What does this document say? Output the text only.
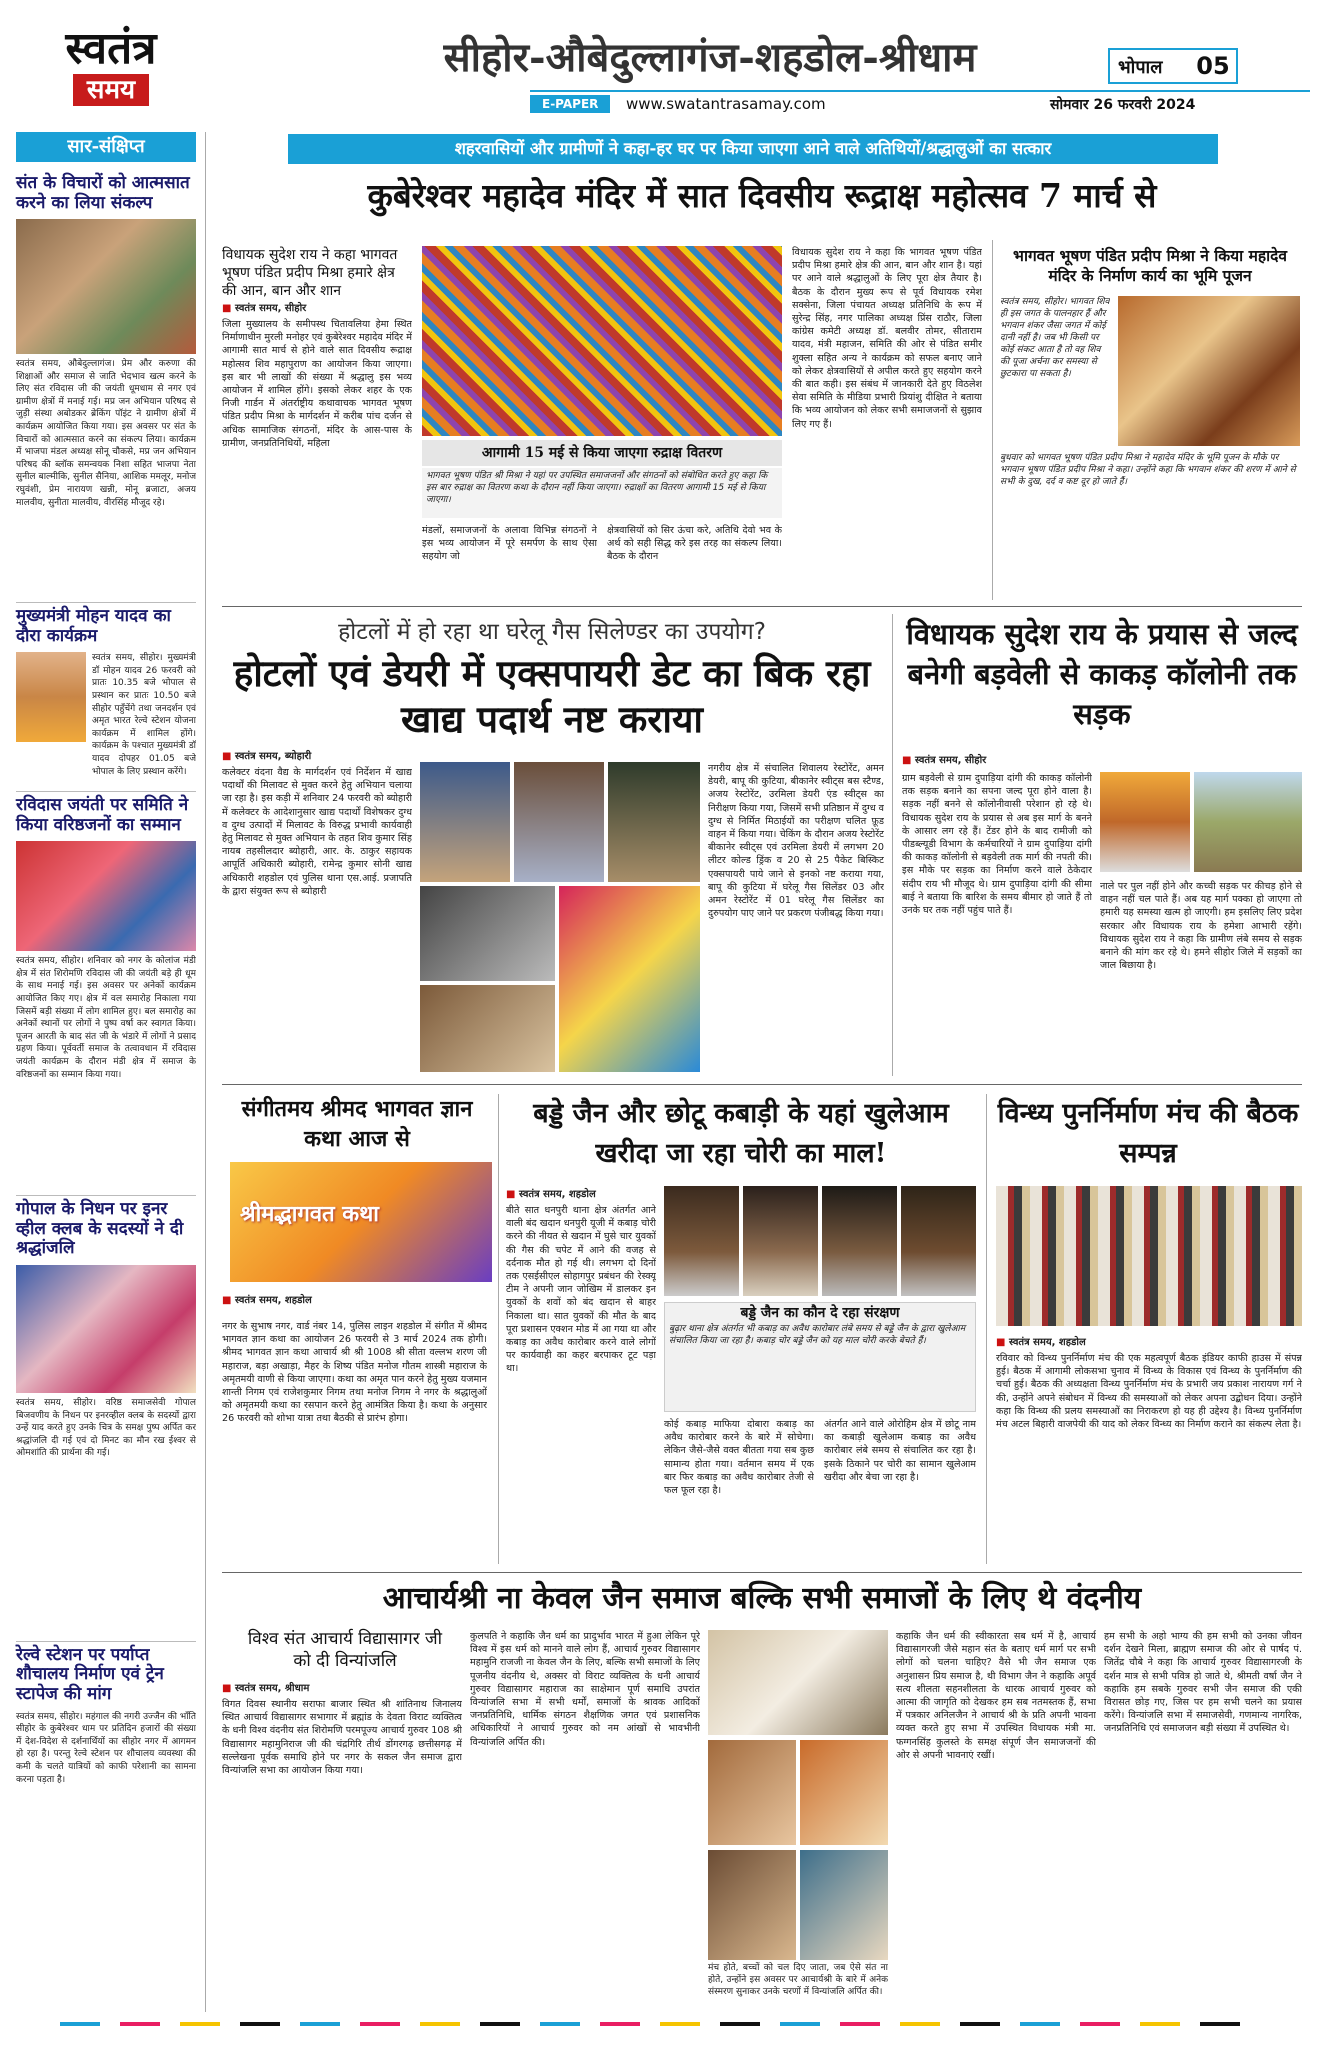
स्वतंत्र
समय
सीहोर-औबेदुल्लागंज-शहडोल-श्रीधाम
E-PAPER	www.swatantrasamay.com	सोमवार 26 फरवरी 2024
भोपाल 05
सार-संक्षिप्त
संत के विचारों को आत्मसात करने का लिया संकल्प
स्वतंत्र समय, औबेदुल्लागंज। प्रेम और करुणा की शिक्षाओं और समाज से जाति भेदभाव खत्म करने के लिए संत रविदास जी की जयंती धूमधाम से नगर एवं ग्रामीण क्षेत्रों में मनाई गई। मप्र जन अभियान परिषद से जुड़ी संस्था अबोडकर ब्रेकिंग पॉइंट ने ग्रामीण क्षेत्रों में कार्यक्रम आयोजित किया गया। इस अवसर पर संत के विचारों को आत्मसात करने का संकल्प लिया। कार्यक्रम में भाजपा मंडल अध्यक्ष सोनू चौकसे, मप्र जन अभियान परिषद की ब्लॉक समन्वयक निशा सहित भाजपा नेता सुनील बाल्मीकि, सुनील सैनिया, आशिक ममलूर, मनोज रघुवंशी, प्रेम नारायण खन्नी, मोनू ब्रजाटा, अजय मालवीय, सुनीता मालवीय, वीरसिंह मौजूद रहे।
मुख्यमंत्री मोहन यादव का दौरा कार्यक्रम
स्वतंत्र समय, सीहोर। मुख्यमंत्री डॉ मोहन यादव 26 फरवरी को प्रातः 10.35 बजे भोपाल से प्रस्थान कर प्रातः 10.50 बजे सीहोर पहुँचेंगे तथा जनदर्शन एवं अमृत भारत रेल्वे स्टेशन योजना कार्यक्रम में शामिल होंगे। कार्यक्रम के पश्चात मुख्यमंत्री डॉ यादव दोपहर 01.05 बजे भोपाल के लिए प्रस्थान करेंगे।
रविदास जयंती पर समिति ने किया वरिष्ठजनों का सम्मान
स्वतंत्र समय, सीहोर। शनिवार को नगर के कोलांज मंडी क्षेत्र में संत शिरोमणि रविदास जी की जयंती बड़े ही धूम के साथ मनाई गई। इस अवसर पर अनेकों कार्यक्रम आयोजित किए गए। क्षेत्र में वल समारोह निकाला गया जिसमें बड़ी संख्या में लोग शामिल हुए। बल समारोह का अनेकों स्थानों पर लोगों ने पुष्प वर्षा कर स्वागत किया। पूजन आरती के बाद संत जी के भंडारे में लोगों ने प्रसाद ग्रहण किया। पूर्ववर्ती समाज के तत्वावधान में रविदास जयंती कार्यक्रम के दौरान मंडी क्षेत्र में समाज के वरिष्ठजनों का सम्मान किया गया।
गोपाल के निधन पर इनर व्हील क्लब के सदस्यों ने दी श्रद्धांजलि
स्वतंत्र समय, सीहोर। वरिष्ठ समाजसेवी गोपाल बिजवणीय के निधन पर इनरव्हील क्लब के सदस्यों द्वारा उन्हें याद करते हुए उनके चित्र के समक्ष पुष्प अर्पित कर श्रद्धांजलि दी गई एवं दो मिनट का मौन रख ईश्वर से ओमशांति की प्रार्थना की गई।
रेल्वे स्टेशन पर पर्याप्त शौचालय निर्माण एवं ट्रेन स्टापेज की मांग
स्वतंत्र समय, सीहोर। महंगाल की नगरी उज्जैन की भाँति सीहोर के कुबेरेश्वर धाम पर प्रतिदिन हजारों की संख्या में देश-विदेश से दर्शनार्थियों का सीहोर नगर में आगमन हो रहा है। परन्तु रेल्वे स्टेशन पर शौचालय व्यवस्था की कमी के चलते यात्रियों को काफी परेशानी का सामना करना पड़ता है।
शहरवासियों और ग्रामीणों ने कहा-हर घर पर किया जाएगा आने वाले अतिथियों/श्रद्धालुओं का सत्कार
कुबेरेश्वर महादेव मंदिर में सात दिवसीय रूद्राक्ष महोत्सव 7 मार्च से
विधायक सुदेश राय ने कहा भागवत भूषण पंडित प्रदीप मिश्रा हमारे क्षेत्र की आन, बान और शान
■ स्वतंत्र समय, सीहोर
जिला मुख्यालय के समीपस्थ चितावलिया हेमा स्थित निर्माणाधीन मुरली मनोहर एवं कुबेरेश्वर महादेव मंदिर में आगामी सात मार्च से होने वाले सात दिवसीय रूद्राक्ष महोत्सव शिव महापुराण का आयोजन किया जाएगा। इस बार भी लाखों की संख्या में श्रद्धालु इस भव्य आयोजन में शामिल होंगे। इसको लेकर शहर के एक निजी गार्डन में अंतर्राष्ट्रीय कथावाचक भागवत भूषण पंडित प्रदीप मिश्रा के मार्गदर्शन में करीब पांच दर्जन से अधिक सामाजिक संगठनों, मंदिर के आस-पास के ग्रामीण, जनप्रतिनिधियों, महिला
आगामी 15 मई से किया जाएगा रुद्राक्ष वितरण
भागवत भूषण पंडित श्री मिश्रा ने यहां पर उपस्थित समाजजनों और संगठनों को संबोधित करते हुए कहा कि इस बार रुद्राक्ष का वितरण कथा के दौरान नहीं किया जाएगा। रुद्राक्षों का वितरण आगामी 15 मई से किया जाएगा।
मंडलों, समाजजनों के अलावा विभिन्न संगठनों ने इस भव्य आयोजन में पूरे समर्पण के साथ ऐसा सहयोग जो
क्षेत्रवासियों को सिर ऊंचा करे, अतिथि देवो भव के अर्थ को सही सिद्ध करे इस तरह का संकल्प लिया। बैठक के दौरान
विधायक सुदेश राय ने कहा कि भागवत भूषण पंडित प्रदीप मिश्रा हमारे क्षेत्र की आन, बान और शान है। यहां पर आने वाले श्रद्धालुओं के लिए पूरा क्षेत्र तैयार है। बैठक के दौरान मुख्य रूप से पूर्व विधायक रमेश सक्सेना, जिला पंचायत अध्यक्ष प्रतिनिधि के रूप में सुरेन्द्र सिंह, नगर पालिका अध्यक्ष प्रिंस राठौर, जिला कांग्रेस कमेटी अध्यक्ष डॉ. बलवीर तोमर, सीताराम यादव, मंत्री महाजन, समिति की ओर से पंडित समीर शुक्ला सहित अन्य ने कार्यक्रम को सफल बनाए जाने को लेकर क्षेत्रवासियों से अपील करते हुए सहयोग करने की बात कही। इस संबंध में जानकारी देते हुए विठलेश सेवा समिति के मीडिया प्रभारी प्रियांशु दीक्षित ने बताया कि भव्य आयोजन को लेकर सभी समाजजनों से सुझाव लिए गए हैं।
भागवत भूषण पंडित प्रदीप मिश्रा ने किया महादेव मंदिर के निर्माण कार्य का भूमि पूजन
स्वतंत्र समय, सीहोर। भागवत शिव ही इस जगत के पालनहार हैं और भगवान शंकर जैसा जगत में कोई दानी नहीं है। जब भी किसी पर कोई संकट आता है तो वह शिव की पूजा अर्चना कर समस्या से छुटकारा पा सकता है।
बुधवार को भागवत भूषण पंडित प्रदीप मिश्रा ने महादेव मंदिर के भूमि पूजन के मौके पर भगवान भूषण पंडित प्रदीप मिश्रा ने कहा। उन्होंने कहा कि भगवान शंकर की शरण में आने से सभी के दुख, दर्द व कष्ट दूर हो जाते हैं।
होटलों में हो रहा था घरेलू गैस सिलेण्डर का उपयोग?
होटलों एवं डेयरी में एक्सपायरी डेट का बिक रहा खाद्य पदार्थ नष्ट कराया
■ स्वतंत्र समय, ब्योहारी
कलेक्टर वंदना वैद्य के मार्गदर्शन एवं निर्देशन में खाद्य पदार्थों की मिलावट से मुक्त करने हेतु अभियान चलाया जा रहा है। इस कड़ी में शनिवार 24 फरवरी को ब्योहारी में कलेक्टर के आदेशानुसार खाद्य पदार्थों विशेषकर दुग्ध व दुग्ध उत्पादों में मिलावट के विरुद्ध प्रभावी कार्यवाही हेतु मिलावट से मुक्त अभियान के तहत शिव कुमार सिंह नायब तहसीलदार ब्योहारी, आर. के. ठाकुर सहायक आपूर्ति अधिकारी ब्योहारी, रामेन्द्र कुमार सोनी खाद्य अधिकारी शहडोल एवं पुलिस थाना एस.आई. प्रजापति के द्वारा संयुक्त रूप से ब्योहारी
नगरीय क्षेत्र में संचालित शिवालय रेस्टोरेंट, अमन डेयरी, बापू की कुटिया, बीकानेर स्वीट्स बस स्टैण्ड, अजय रेस्टोरेंट, उरमिला डेयरी एंड स्वीट्स का निरीक्षण किया गया, जिसमें सभी प्रतिष्ठान में दुग्ध व दुग्ध से निर्मित मिठाईयों का परीक्षण चलित फ़ूड वाहन में किया गया। चेकिंग के दौरान अजय रेस्टोरेंट बीकानेर स्वीट्स एवं उरमिला डेयरी में लगभग 20 लीटर कोल्ड ड्रिंक व 20 से 25 पैकेट बिस्किट एक्सपायरी पाये जाने से इनको नष्ट कराया गया, बापू की कुटिया में घरेलू गैस सिलेंडर 03 और अमन रेस्टोरेंट में 01 घरेलू गैस सिलेंडर का दुरुपयोग पाए जाने पर प्रकरण पंजीबद्ध किया गया।
विधायक सुदेश राय के प्रयास से जल्द बनेगी बड़वेली से काकड़ कॉलोनी तक सड़क
■ स्वतंत्र समय, सीहोर
ग्राम बड़वेली से ग्राम दुपाड़िया दांगी की काकड़ कॉलोनी तक सड़क बनाने का सपना जल्द पूरा होने वाला है। सड़क नहीं बनने से कॉलोनीवासी परेशान हो रहे थे। विधायक सुदेश राय के प्रयास से अब इस मार्ग के बनने के आसार लग रहे हैं। टेंडर होने के बाद रामीजी को पीडब्ल्यूडी विभाग के कर्मचारियों ने ग्राम दुपाड़िया दांगी की काकड़ कॉलोनी से बड़वेली तक मार्ग की नपती की। इस मौके पर सड़क का निर्माण करने वाले ठेकेदार संदीप राय भी मौजूद थे। ग्राम दुपाड़िया दांगी की सीमा बाई ने बताया कि बारिश के समय बीमार हो जाते हैं तो उनके घर तक नहीं पहुंच पाते हैं।
नाले पर पुल नहीं होने और कच्ची सड़क पर कीचड़ होने से वाहन नहीं चल पाते हैं। अब यह मार्ग पक्का हो जाएगा तो हमारी यह समस्या खत्म हो जाएगी। हम इसलिए लिए प्रदेश सरकार और विधायक राय के हमेशा आभारी रहेंगे। विधायक सुदेश राय ने कहा कि ग्रामीण लंबे समय से सड़क बनाने की मांग कर रहे थे। हमने सीहोर जिले में सड़कों का जाल बिछाया है।
संगीतमय श्रीमद भागवत ज्ञान कथा आज से
श्रीमद्भागवत कथा
■ स्वतंत्र समय, शहडोल
नगर के सुभाष नगर, वार्ड नंबर 14, पुलिस लाइन शहडोल में संगीत में श्रीमद भागवत ज्ञान कथा का आयोजन 26 फरवरी से 3 मार्च 2024 तक होगी। श्रीमद भागवत ज्ञान कथा आचार्य श्री श्री 1008 श्री सीता वल्लभ शरण जी महाराज, बड़ा अखाड़ा, मैहर के शिष्य पंडित मनोज गौतम शास्त्री महाराज के अमृतमयी वाणी से किया जाएगा। कथा का अमृत पान करने हेतु मुख्य यजमान शान्ती निगम एवं राजेशकुमार निगम तथा मनोज निगम ने नगर के श्रद्धालुओं को अमृतमयी कथा का रसपान करने हेतु आमंत्रित किया है। कथा के अनुसार 26 फरवरी को शोभा यात्रा तथा बैठकी से प्रारंभ होगा।
बड्डे जैन और छोटू कबाड़ी के यहां खुलेआम खरीदा जा रहा चोरी का माल!
■ स्वतंत्र समय, शहडोल
बीते सात धनपुरी थाना क्षेत्र अंतर्गत आने वाली बंद खदान धनपुरी यूजी में कबाड़ चोरी करने की नीयत से खदान में घुसे चार युवकों की गैस की चपेट में आने की वजह से दर्दनाक मौत हो गई थी। लगभग दो दिनों तक एसईसीएल सोहागपुर प्रबंधन की रेस्क्यू टीम ने अपनी जान जोखिम में डालकर इन युवकों के शवों को बंद खदान से बाहर निकाला था। सात युवकों की मौत के बाद पूरा प्रशासन एक्शन मोड में आ गया था और कबाड़ का अवैध कारोबार करने वाले लोगों पर कार्यवाही का कहर बरपाकर टूट पड़ा था।
बड्डे जैन का कौन दे रहा संरक्षण
बुढ़ार थाना क्षेत्र अंतर्गत भी कबाड़ का अवैध कारोबार लंबे समय से बड्डे जैन के द्वारा खुलेआम संचालित किया जा रहा है। कबाड़ चोर बड्डे जैन को यह माल चोरी करके बेचते हैं।
कोई कबाड़ माफिया दोबारा कबाड़ का अवैध कारोबार करने के बारे में सोचेगा। लेकिन जैसे-जैसे वक्त बीतता गया सब कुछ सामान्य होता गया। वर्तमान समय में एक बार फिर कबाड़ का अवैध कारोबार तेजी से फल फूल रहा है।
अंतर्गत आने वाले ओरोहिम क्षेत्र में छोटू नाम का कबाड़ी खुलेआम कबाड़ का अवैध कारोबार लंबे समय से संचालित कर रहा है। इसके ठिकाने पर चोरी का सामान खुलेआम खरीदा और बेचा जा रहा है।
विन्ध्य पुनर्निर्माण मंच की बैठक सम्पन्न
■ स्वतंत्र समय, शहडोल
रविवार को विन्ध्य पुनर्निर्माण मंच की एक महत्वपूर्ण बैठक इंडियर काफी हाउस में संपन्न हुई। बैठक में आगामी लोकसभा चुनाव में विन्ध्य के विकास एवं विन्ध्य के पुनर्निर्माण की चर्चा हुई। बैठक की अध्यक्षता विन्ध्य पुनर्निर्माण मंच के प्रभारी जय प्रकाश नारायण गर्ग ने की, उन्होंने अपने संबोधन में विन्ध्य की समस्याओं को लेकर अपना उद्बोधन दिया। उन्होंने कहा कि विन्ध्य की प्रलय समस्याओं का निराकरण हो यह ही उद्देश्य है। विन्ध्य पुनर्निर्माण मंच अटल बिहारी वाजपेयी की याद को लेकर विन्ध्य का निर्माण कराने का संकल्प लेता है।
आचार्यश्री ना केवल जैन समाज बल्कि सभी समाजों के लिए थे वंदनीय
विश्व संत आचार्य विद्यासागर जी को दी विन्यांजलि
■ स्वतंत्र समय, श्रीधाम
विगत दिवस स्थानीय सराफा बाजार स्थित श्री शांतिनाथ जिनालय स्थित आचार्य विद्यासागर सभागार में ब्रह्मांड के देवता विराट व्यक्तित्व के धनी विश्व वंदनीय संत शिरोमणि परमपूज्य आचार्य गुरुवर 108 श्री विद्यासागर महामुनिराज जी की चंद्रगिरि तीर्थ डोंगरगढ़ छत्तीसगढ़ में सल्लेखना पूर्वक समाधि होने पर नगर के सकल जैन समाज द्वारा विन्यांजलि सभा का आयोजन किया गया।
कुलपति ने कहाकि जैन धर्म का प्रादुर्भाव भारत में हुआ लेकिन पूरे विश्व में इस धर्म को मानने वाले लोग हैं, आचार्य गुरुवर विद्यासागर महामुनि राजजी ना केवल जैन के लिए, बल्कि सभी समाजों के लिए पूजनीय वंदनीय थे, अक्सर वो विराट व्यक्तित्व के धनी आचार्य गुरुवर विद्यासागर महाराज का साक्षेमान पूर्ण समाधि उपरांत विन्यांजलि सभा में सभी धर्मों, समाजों के श्रावक आदिकों जनप्रतिनिधि, धार्मिक संगठन शैक्षणिक जगत एवं प्रशासनिक अधिकारियों ने आचार्य गुरुवर को नम आंखों से भावभीनी विन्यांजलि अर्पित की।
मंच होते, बच्चों को चल दिए जाता, जब ऐसे संत ना होते, उन्होंने इस अवसर पर आचार्यश्री के बारे में अनेक संस्मरण सुनाकर उनके चरणों में विन्यांजलि अर्पित की।
कहाकि जैन धर्म की स्वीकारता सब धर्म में है, आचार्य विद्यासागरजी जैसे महान संत के बताए धर्म मार्ग पर सभी लोगों को चलना चाहिए? वैसे भी जैन समाज एक अनुशासन प्रिय समाज है, थी विभाग जैन ने कहाकि अपूर्व सत्य शीलता सहनशीलता के धारक आचार्य गुरुवर को आत्मा की जागृति को देखकर हम सब नतमस्तक हैं, सभा में पत्रकार अनिलजैन ने आचार्य श्री के प्रति अपनी भावना व्यक्त करते हुए सभा में उपस्थित विधायक मंत्री मा. फग्गनसिंह कुलस्ते के समक्ष संपूर्ण जैन समाजजनों की ओर से अपनी भावनाएं रखीं।
हम सभी के अहो भाग्य की हम सभी को उनका जीवन दर्शन देखने मिला, ब्राह्मण समाज की ओर से पार्षद पं. जितेंद्र चौबे ने कहा कि आचार्य गुरुवर विद्यासागरजी के दर्शन मात्र से सभी पवित्र हो जाते थे, श्रीमती वर्षा जैन ने कहाकि हम सबके गुरुवर सभी जैन समाज की एकी विरासत छोड़ गए, जिस पर हम सभी चलने का प्रयास करेंगे। विन्यांजलि सभा में समाजसेवी, गणमान्य नागरिक, जनप्रतिनिधि एवं समाजजन बड़ी संख्या में उपस्थित थे।
